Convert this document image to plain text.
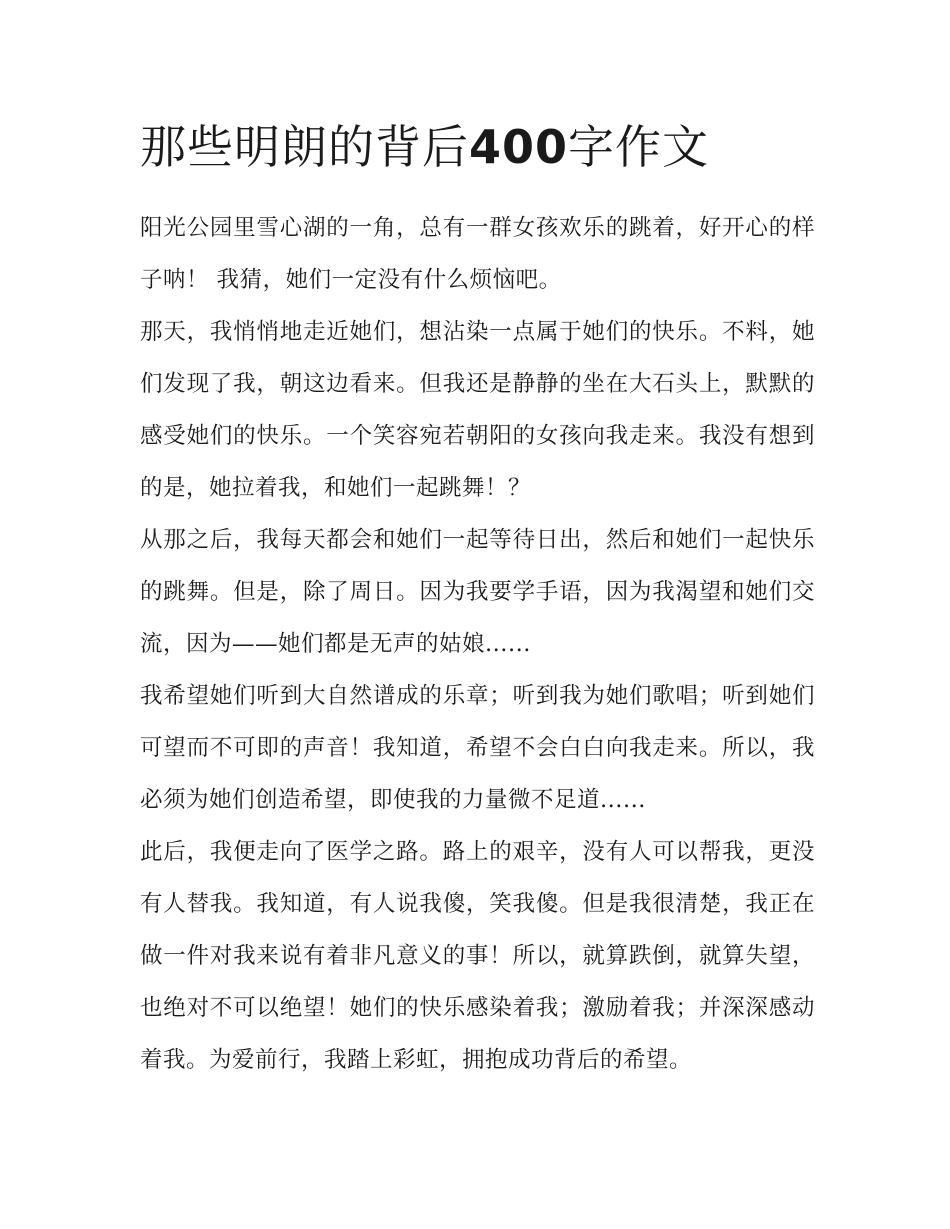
那些明朗的背后400字作文

阳光公园里雪心湖的一角，总有一群女孩欢乐的跳着，好开心的样子呐！ 我猜，她们一定没有什么烦恼吧。

那天，我悄悄地走近她们，想沾染一点属于她们的快乐。不料，她们发现了我，朝这边看来。但我还是静静的坐在大石头上，默默的感受她们的快乐。一个笑容宛若朝阳的女孩向我走来。我没有想到的是，她拉着我，和她们一起跳舞！？

从那之后，我每天都会和她们一起等待日出，然后和她们一起快乐的跳舞。但是，除了周日。因为我要学手语，因为我渴望和她们交流，因为——她们都是无声的姑娘......

我希望她们听到大自然谱成的乐章；听到我为她们歌唱；听到她们可望而不可即的声音！我知道，希望不会白白向我走来。所以，我必须为她们创造希望，即使我的力量微不足道......

此后，我便走向了医学之路。路上的艰辛，没有人可以帮我，更没有人替我。我知道，有人说我傻，笑我傻。但是我很清楚，我正在做一件对我来说有着非凡意义的事！所以，就算跌倒，就算失望，也绝对不可以绝望！她们的快乐感染着我；激励着我；并深深感动着我。为爱前行，我踏上彩虹，拥抱成功背后的希望。
